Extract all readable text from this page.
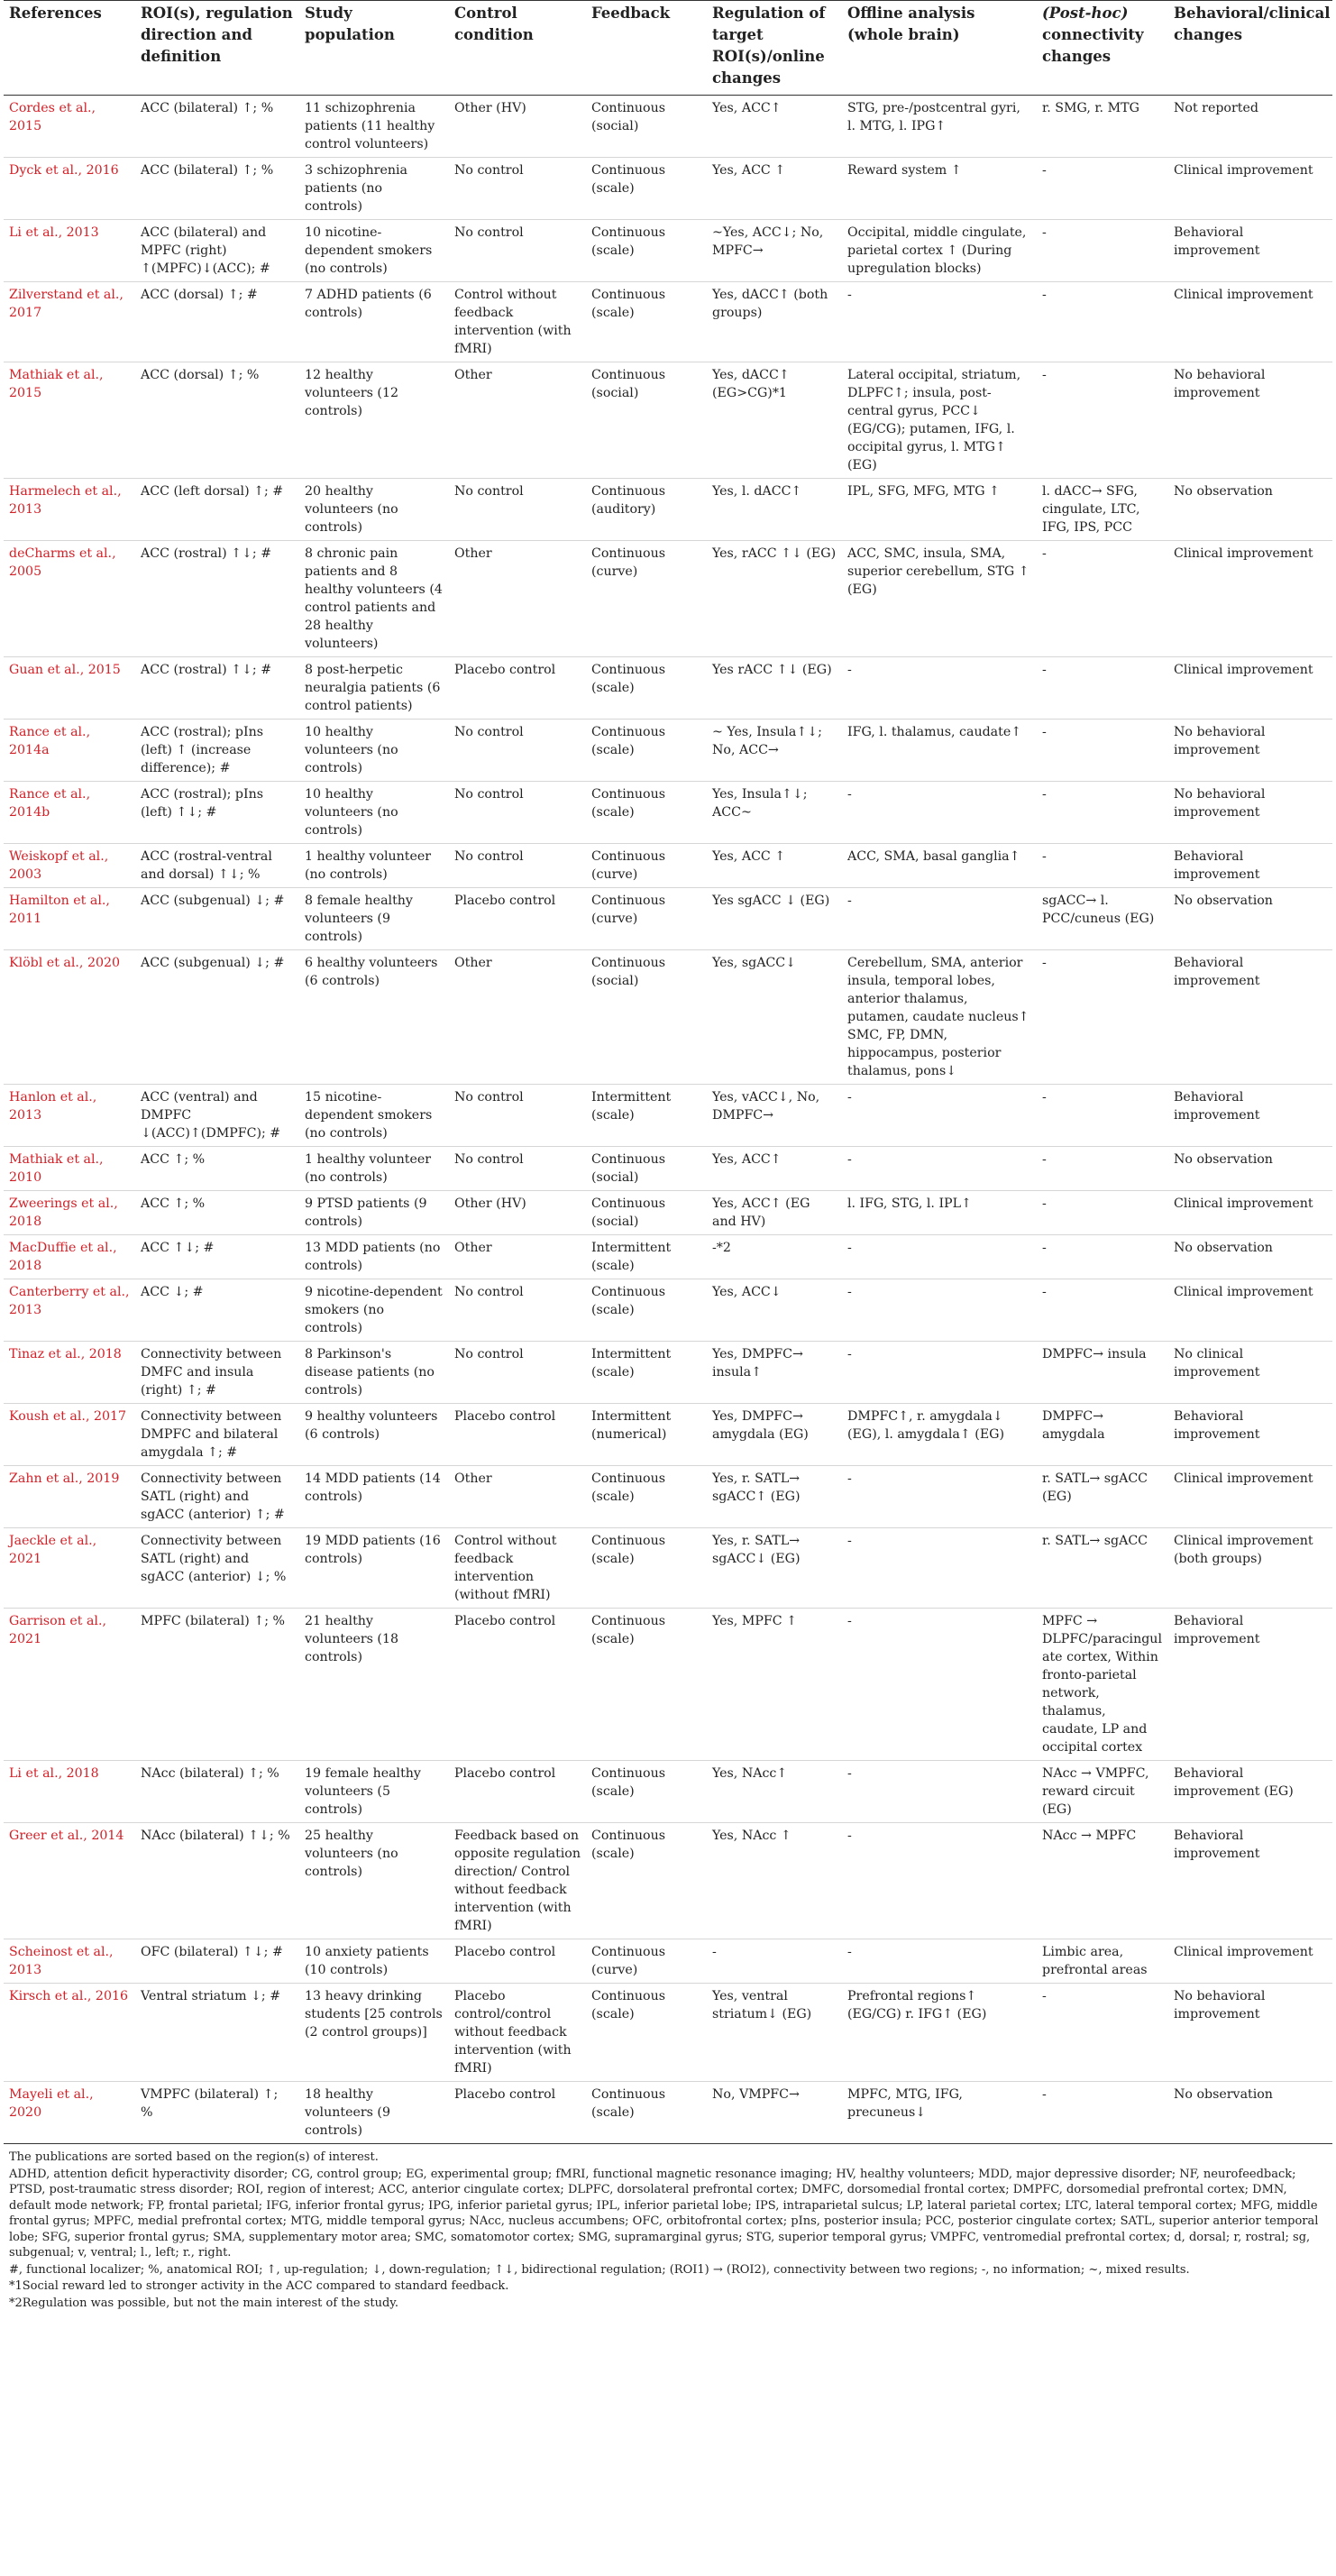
References	ROI(s), regulation direction and definition	Study population	Control condition	Feedback	Regulation of target ROI(s)/online changes	Offline analysis (whole brain)	(Post-hoc) connectivity changes	Behavioral/clinical changes
Cordes et al., 2015	ACC (bilateral) ↑; %	11 schizophrenia patients (11 healthy control volunteers)	Other (HV)	Continuous (social)	Yes, ACC↑	STG, pre-/postcentral gyri, l. MTG, l. IPG↑	r. SMG, r. MTG	Not reported
Dyck et al., 2016	ACC (bilateral) ↑; %	3 schizophrenia patients (no controls)	No control	Continuous (scale)	Yes, ACC ↑	Reward system ↑	-	Clinical improvement
Li et al., 2013	ACC (bilateral) and MPFC (right) ↑(MPFC)↓(ACC); #	10 nicotine-dependent smokers (no controls)	No control	Continuous (scale)	~Yes, ACC↓; No, MPFC→	Occipital, middle cingulate, parietal cortex ↑ (During upregulation blocks)	-	Behavioral improvement
Zilverstand et al., 2017	ACC (dorsal) ↑; #	7 ADHD patients (6 controls)	Control without feedback intervention (with fMRI)	Continuous (scale)	Yes, dACC↑ (both groups)	-	-	Clinical improvement
Mathiak et al., 2015	ACC (dorsal) ↑; %	12 healthy volunteers (12 controls)	Other	Continuous (social)	Yes, dACC↑ (EG>CG)*1	Lateral occipital, striatum, DLPFC↑; insula, post-central gyrus, PCC↓ (EG/CG); putamen, IFG, l. occipital gyrus, l. MTG↑ (EG)	-	No behavioral improvement
Harmelech et al., 2013	ACC (left dorsal) ↑; #	20 healthy volunteers (no controls)	No control	Continuous (auditory)	Yes, l. dACC↑	IPL, SFG, MFG, MTG ↑	l. dACC→ SFG, cingulate, LTC, IFG, IPS, PCC	No observation
deCharms et al., 2005	ACC (rostral) ↑↓; #	8 chronic pain patients and 8 healthy volunteers (4 control patients and 28 healthy volunteers)	Other	Continuous (curve)	Yes, rACC ↑↓ (EG)	ACC, SMC, insula, SMA, superior cerebellum, STG ↑ (EG)	-	Clinical improvement
Guan et al., 2015	ACC (rostral) ↑↓; #	8 post-herpetic neuralgia patients (6 control patients)	Placebo control	Continuous (scale)	Yes rACC ↑↓ (EG)	-	-	Clinical improvement
Rance et al., 2014a	ACC (rostral); pIns (left) ↑ (increase difference); #	10 healthy volunteers (no controls)	No control	Continuous (scale)	~ Yes, Insula↑↓; No, ACC→	IFG, l. thalamus, caudate↑	-	No behavioral improvement
Rance et al., 2014b	ACC (rostral); pIns (left) ↑↓; #	10 healthy volunteers (no controls)	No control	Continuous (scale)	Yes, Insula↑↓; ACC~	-	-	No behavioral improvement
Weiskopf et al., 2003	ACC (rostral-ventral and dorsal) ↑↓; %	1 healthy volunteer (no controls)	No control	Continuous (curve)	Yes, ACC ↑	ACC, SMA, basal ganglia↑	-	Behavioral improvement
Hamilton et al., 2011	ACC (subgenual) ↓; #	8 female healthy volunteers (9 controls)	Placebo control	Continuous (curve)	Yes sgACC ↓ (EG)	-	sgACC→ l. PCC/cuneus (EG)	No observation
Klöbl et al., 2020	ACC (subgenual) ↓; #	6 healthy volunteers (6 controls)	Other	Continuous (social)	Yes, sgACC↓	Cerebellum, SMA, anterior insula, temporal lobes, anterior thalamus, putamen, caudate nucleus↑ SMC, FP, DMN, hippocampus, posterior thalamus, pons↓	-	Behavioral improvement
Hanlon et al., 2013	ACC (ventral) and DMPFC ↓(ACC)↑(DMPFC); #	15 nicotine-dependent smokers (no controls)	No control	Intermittent (scale)	Yes, vACC↓, No, DMPFC→	-	-	Behavioral improvement
Mathiak et al., 2010	ACC ↑; %	1 healthy volunteer (no controls)	No control	Continuous (social)	Yes, ACC↑	-	-	No observation
Zweerings et al., 2018	ACC ↑; %	9 PTSD patients (9 controls)	Other (HV)	Continuous (social)	Yes, ACC↑ (EG and HV)	l. IFG, STG, l. IPL↑	-	Clinical improvement
MacDuffie et al., 2018	ACC ↑↓; #	13 MDD patients (no controls)	Other	Intermittent (scale)	-*2	-	-	No observation
Canterberry et al., 2013	ACC ↓; #	9 nicotine-dependent smokers (no controls)	No control	Continuous (scale)	Yes, ACC↓	-	-	Clinical improvement
Tinaz et al., 2018	Connectivity between DMFC and insula (right) ↑; #	8 Parkinson's disease patients (no controls)	No control	Intermittent (scale)	Yes, DMPFC→ insula↑	-	DMPFC→ insula	No clinical improvement
Koush et al., 2017	Connectivity between DMPFC and bilateral amygdala ↑; #	9 healthy volunteers (6 controls)	Placebo control	Intermittent (numerical)	Yes, DMPFC→ amygdala (EG)	DMPFC↑, r. amygdala↓ (EG), l. amygdala↑ (EG)	DMPFC→ amygdala	Behavioral improvement
Zahn et al., 2019	Connectivity between SATL (right) and sgACC (anterior) ↑; #	14 MDD patients (14 controls)	Other	Continuous (scale)	Yes, r. SATL→ sgACC↑ (EG)	-	r. SATL→ sgACC (EG)	Clinical improvement
Jaeckle et al., 2021	Connectivity between SATL (right) and sgACC (anterior) ↓; %	19 MDD patients (16 controls)	Control without feedback intervention (without fMRI)	Continuous (scale)	Yes, r. SATL→ sgACC↓ (EG)	-	r. SATL→ sgACC	Clinical improvement (both groups)
Garrison et al., 2021	MPFC (bilateral) ↑; %	21 healthy volunteers (18 controls)	Placebo control	Continuous (scale)	Yes, MPFC ↑	-	MPFC → DLPFC/paracingulate cortex, Within fronto-parietal network, thalamus, caudate, LP and occipital cortex	Behavioral improvement
Li et al., 2018	NAcc (bilateral) ↑; %	19 female healthy volunteers (5 controls)	Placebo control	Continuous (scale)	Yes, NAcc↑	-	NAcc → VMPFC, reward circuit (EG)	Behavioral improvement (EG)
Greer et al., 2014	NAcc (bilateral) ↑↓; %	25 healthy volunteers (no controls)	Feedback based on opposite regulation direction/ Control without feedback intervention (with fMRI)	Continuous (scale)	Yes, NAcc ↑	-	NAcc → MPFC	Behavioral improvement
Scheinost et al., 2013	OFC (bilateral) ↑↓; #	10 anxiety patients (10 controls)	Placebo control	Continuous (curve)	-	-	Limbic area, prefrontal areas	Clinical improvement
Kirsch et al., 2016	Ventral striatum ↓; #	13 heavy drinking students [25 controls (2 control groups)]	Placebo control/control without feedback intervention (with fMRI)	Continuous (scale)	Yes, ventral striatum↓ (EG)	Prefrontal regions↑ (EG/CG) r. IFG↑ (EG)	-	No behavioral improvement
Mayeli et al., 2020	VMPFC (bilateral) ↑; %	18 healthy volunteers (9 controls)	Placebo control	Continuous (scale)	No, VMPFC→	MPFC, MTG, IFG, precuneus↓	-	No observation

The publications are sorted based on the region(s) of interest.

ADHD, attention deficit hyperactivity disorder; CG, control group; EG, experimental group; fMRI, functional magnetic resonance imaging; HV, healthy volunteers; MDD, major depressive disorder; NF, neurofeedback; PTSD, post-traumatic stress disorder; ROI, region of interest; ACC, anterior cingulate cortex; DLPFC, dorsolateral prefrontal cortex; DMFC, dorsomedial frontal cortex; DMPFC, dorsomedial prefrontal cortex; DMN, default mode network; FP, frontal parietal; IFG, inferior frontal gyrus; IPG, inferior parietal gyrus; IPL, inferior parietal lobe; IPS, intraparietal sulcus; LP, lateral parietal cortex; LTC, lateral temporal cortex; MFG, middle frontal gyrus; MPFC, medial prefrontal cortex; MTG, middle temporal gyrus; NAcc, nucleus accumbens; OFC, orbitofrontal cortex; pIns, posterior insula; PCC, posterior cingulate cortex; SATL, superior anterior temporal lobe; SFG, superior frontal gyrus; SMA, supplementary motor area; SMC, somatomotor cortex; SMG, supramarginal gyrus; STG, superior temporal gyrus; VMPFC, ventromedial prefrontal cortex; d, dorsal; r, rostral; sg, subgenual; v, ventral; l., left; r., right.

#, functional localizer; %, anatomical ROI; ↑, up-regulation; ↓, down-regulation; ↑↓, bidirectional regulation; (ROI1) → (ROI2), connectivity between two regions; -, no information; ~, mixed results.

*1Social reward led to stronger activity in the ACC compared to standard feedback.

*2Regulation was possible, but not the main interest of the study.
